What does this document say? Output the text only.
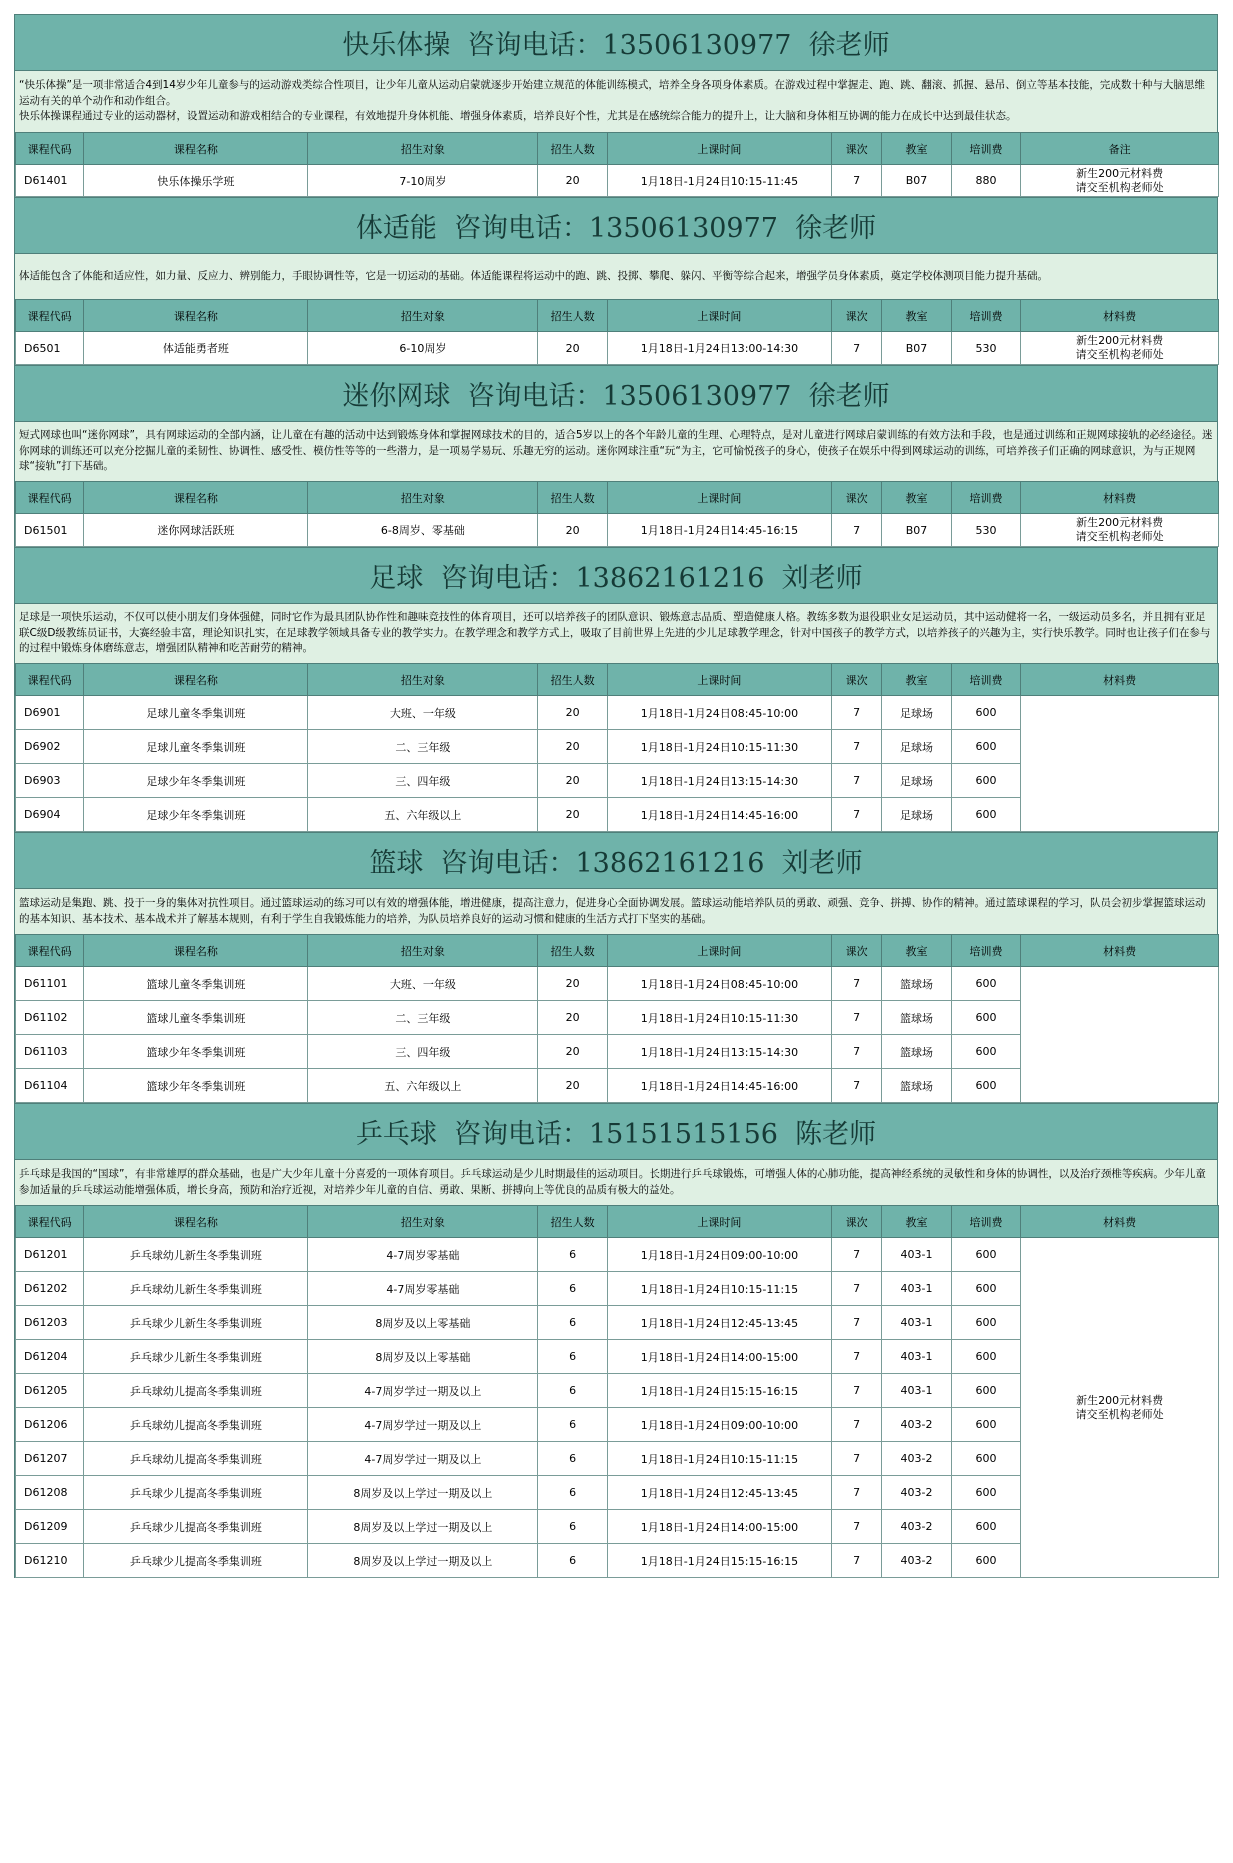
快乐体操  咨询电话：13506130977  徐老师
“快乐体操”是一项非常适合4到14岁少年儿童参与的运动游戏类综合性项目，让少年儿童从运动启蒙就逐步开始建立规范的体能训练模式，培养全身各项身体素质。在游戏过程中掌握走、跑、跳、翻滚、抓握、悬吊、倒立等基本技能，完成数十种与大脑思维运动有关的单个动作和动作组合。
快乐体操课程通过专业的运动器材，设置运动和游戏相结合的专业课程，有效地提升身体机能、增强身体素质，培养良好个性，尤其是在感统综合能力的提升上，让大脑和身体相互协调的能力在成长中达到最佳状态。
课程代码	课程名称	招生对象	招生人数	上课时间	课次	教室	培训费	备注
D61401	快乐体操乐学班	7-10周岁	20	1月18日-1月24日10:15-11:45	7	B07	880	新生200元材料费
请交至机构老师处
体适能  咨询电话：13506130977  徐老师
体适能包含了体能和适应性，如力量、反应力、辨别能力，手眼协调性等，它是一切运动的基础。体适能课程将运动中的跑、跳、投掷、攀爬、躲闪、平衡等综合起来，增强学员身体素质，奠定学校体测项目能力提升基础。
课程代码	课程名称	招生对象	招生人数	上课时间	课次	教室	培训费	材料费
D6501	体适能勇者班	6-10周岁	20	1月18日-1月24日13:00-14:30	7	B07	530	新生200元材料费
请交至机构老师处
迷你网球  咨询电话：13506130977  徐老师
短式网球也叫“迷你网球”，具有网球运动的全部内涵，让儿童在有趣的活动中达到锻炼身体和掌握网球技术的目的，适合5岁以上的各个年龄儿童的生理、心理特点，是对儿童进行网球启蒙训练的有效方法和手段，也是通过训练和正规网球接轨的必经途径。迷你网球的训练还可以充分挖掘儿童的柔韧性、协调性、感受性、模仿性等等的一些潜力，是一项易学易玩、乐趣无穷的运动。迷你网球注重“玩“为主，它可愉悦孩子的身心，使孩子在娱乐中得到网球运动的训练，可培养孩子们正确的网球意识，为与正规网球“接轨”打下基础。
课程代码	课程名称	招生对象	招生人数	上课时间	课次	教室	培训费	材料费
D61501	迷你网球活跃班	6-8周岁、零基础	20	1月18日-1月24日14:45-16:15	7	B07	530	新生200元材料费
请交至机构老师处
足球  咨询电话：13862161216  刘老师
足球是一项快乐运动，不仅可以使小朋友们身体强健，同时它作为最具团队协作性和趣味竞技性的体育项目，还可以培养孩子的团队意识、锻炼意志品质、塑造健康人格。教练多数为退役职业女足运动员，其中运动健将一名，一级运动员多名，并且拥有亚足联C级D级教练员证书，大赛经验丰富，理论知识扎实，在足球教学领域具备专业的教学实力。在教学理念和教学方式上，吸取了目前世界上先进的少儿足球教学理念，针对中国孩子的教学方式，以培养孩子的兴趣为主，实行快乐教学。同时也让孩子们在参与的过程中锻炼身体磨练意志，增强团队精神和吃苦耐劳的精神。
课程代码	课程名称	招生对象	招生人数	上课时间	课次	教室	培训费	材料费
D6901	足球儿童冬季集训班	大班、一年级	20	1月18日-1月24日08:45-10:00	7	足球场	600	
D6902	足球儿童冬季集训班	二、三年级	20	1月18日-1月24日10:15-11:30	7	足球场	600	
D6903	足球少年冬季集训班	三、四年级	20	1月18日-1月24日13:15-14:30	7	足球场	600	
D6904	足球少年冬季集训班	五、六年级以上	20	1月18日-1月24日14:45-16:00	7	足球场	600	
篮球  咨询电话：13862161216  刘老师
篮球运动是集跑、跳、投于一身的集体对抗性项目。通过篮球运动的练习可以有效的增强体能，增进健康，提高注意力，促进身心全面协调发展。篮球运动能培养队员的勇敢、顽强、竞争、拼搏、协作的精神。通过篮球课程的学习，队员会初步掌握篮球运动的基本知识、基本技术、基本战术并了解基本规则，有利于学生自我锻炼能力的培养，为队员培养良好的运动习惯和健康的生活方式打下坚实的基础。
课程代码	课程名称	招生对象	招生人数	上课时间	课次	教室	培训费	材料费
D61101	篮球儿童冬季集训班	大班、一年级	20	1月18日-1月24日08:45-10:00	7	篮球场	600	
D61102	篮球儿童冬季集训班	二、三年级	20	1月18日-1月24日10:15-11:30	7	篮球场	600	
D61103	篮球少年冬季集训班	三、四年级	20	1月18日-1月24日13:15-14:30	7	篮球场	600	
D61104	篮球少年冬季集训班	五、六年级以上	20	1月18日-1月24日14:45-16:00	7	篮球场	600	
乒乓球  咨询电话：15151515156  陈老师
乒乓球是我国的“国球”，有非常雄厚的群众基础，也是广大少年儿童十分喜爱的一项体育项目。乒乓球运动是少儿时期最佳的运动项目。长期进行乒乓球锻炼，可增强人体的心肺功能，提高神经系统的灵敏性和身体的协调性，以及治疗颈椎等疾病。少年儿童参加适量的乒乓球运动能增强体质，增长身高，预防和治疗近视，对培养少年儿童的自信、勇敢、果断、拼搏向上等优良的品质有极大的益处。
课程代码	课程名称	招生对象	招生人数	上课时间	课次	教室	培训费	材料费
D61201	乒乓球幼儿新生冬季集训班	4-7周岁零基础	6	1月18日-1月24日09:00-10:00	7	403-1	600	新生200元材料费
请交至机构老师处
D61202	乒乓球幼儿新生冬季集训班	4-7周岁零基础	6	1月18日-1月24日10:15-11:15	7	403-1	600	
D61203	乒乓球少儿新生冬季集训班	8周岁及以上零基础	6	1月18日-1月24日12:45-13:45	7	403-1	600	
D61204	乒乓球少儿新生冬季集训班	8周岁及以上零基础	6	1月18日-1月24日14:00-15:00	7	403-1	600	
D61205	乒乓球幼儿提高冬季集训班	4-7周岁学过一期及以上	6	1月18日-1月24日15:15-16:15	7	403-1	600	
D61206	乒乓球幼儿提高冬季集训班	4-7周岁学过一期及以上	6	1月18日-1月24日09:00-10:00	7	403-2	600	
D61207	乒乓球幼儿提高冬季集训班	4-7周岁学过一期及以上	6	1月18日-1月24日10:15-11:15	7	403-2	600	
D61208	乒乓球少儿提高冬季集训班	8周岁及以上学过一期及以上	6	1月18日-1月24日12:45-13:45	7	403-2	600	
D61209	乒乓球少儿提高冬季集训班	8周岁及以上学过一期及以上	6	1月18日-1月24日14:00-15:00	7	403-2	600	
D61210	乒乓球少儿提高冬季集训班	8周岁及以上学过一期及以上	6	1月18日-1月24日15:15-16:15	7	403-2	600	
